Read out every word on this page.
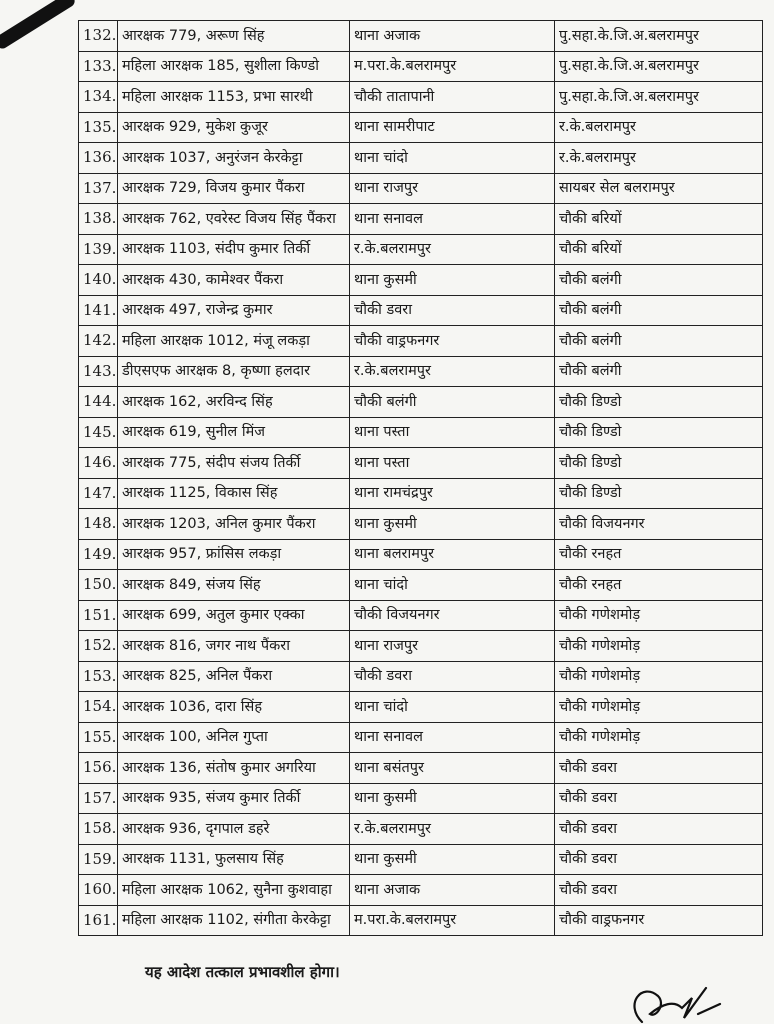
132.	आरक्षक 779, अरूण सिंह	थाना अजाक	पु.सहा.के.जि.अ.बलरामपुर
133.	महिला आरक्षक 185, सुशीला किण्डो	म.परा.के.बलरामपुर	पु.सहा.के.जि.अ.बलरामपुर
134.	महिला आरक्षक 1153, प्रभा सारथी	चौकी तातापानी	पु.सहा.के.जि.अ.बलरामपुर
135.	आरक्षक 929, मुकेश कुजूर	थाना सामरीपाट	र.के.बलरामपुर
136.	आरक्षक 1037, अनुरंजन केरकेट्टा	थाना चांदो	र.के.बलरामपुर
137.	आरक्षक 729, विजय कुमार पैंकरा	थाना राजपुर	सायबर सेल बलरामपुर
138.	आरक्षक 762, एवरेस्ट विजय सिंह पैंकरा	थाना सनावल	चौकी बरियों
139.	आरक्षक 1103, संदीप कुमार तिर्की	र.के.बलरामपुर	चौकी बरियों
140.	आरक्षक 430, कामेश्वर पैंकरा	थाना कुसमी	चौकी बलंगी
141.	आरक्षक 497, राजेन्द्र कुमार	चौकी डवरा	चौकी बलंगी
142.	महिला आरक्षक 1012, मंजू लकड़ा	चौकी वाड्रफनगर	चौकी बलंगी
143.	डीएसएफ आरक्षक 8, कृष्णा हलदार	र.के.बलरामपुर	चौकी बलंगी
144.	आरक्षक 162, अरविन्द सिंह	चौकी बलंगी	चौकी डिण्डो
145.	आरक्षक 619, सुनील मिंज	थाना पस्ता	चौकी डिण्डो
146.	आरक्षक 775, संदीप संजय तिर्की	थाना पस्ता	चौकी डिण्डो
147.	आरक्षक 1125, विकास सिंह	थाना रामचंद्रपुर	चौकी डिण्डो
148.	आरक्षक 1203, अनिल कुमार पैंकरा	थाना कुसमी	चौकी विजयनगर
149.	आरक्षक 957, फ्रांसिस लकड़ा	थाना बलरामपुर	चौकी रनहत
150.	आरक्षक 849, संजय सिंह	थाना चांदो	चौकी रनहत
151.	आरक्षक 699, अतुल कुमार एक्का	चौकी विजयनगर	चौकी गणेशमोड़
152.	आरक्षक 816, जगर नाथ पैंकरा	थाना राजपुर	चौकी गणेशमोड़
153.	आरक्षक 825, अनिल पैंकरा	चौकी डवरा	चौकी गणेशमोड़
154.	आरक्षक 1036, दारा सिंह	थाना चांदो	चौकी गणेशमोड़
155.	आरक्षक 100, अनिल गुप्ता	थाना सनावल	चौकी गणेशमोड़
156.	आरक्षक 136, संतोष कुमार अगरिया	थाना बसंतपुर	चौकी डवरा
157.	आरक्षक 935, संजय कुमार तिर्की	थाना कुसमी	चौकी डवरा
158.	आरक्षक 936, दृगपाल डहरे	र.के.बलरामपुर	चौकी डवरा
159.	आरक्षक 1131, फुलसाय सिंह	थाना कुसमी	चौकी डवरा
160.	महिला आरक्षक 1062, सुनैना कुशवाहा	थाना अजाक	चौकी डवरा
161.	महिला आरक्षक 1102, संगीता केरकेट्टा	म.परा.के.बलरामपुर	चौकी वाड्रफनगर
यह आदेश तत्काल प्रभावशील होगा।
